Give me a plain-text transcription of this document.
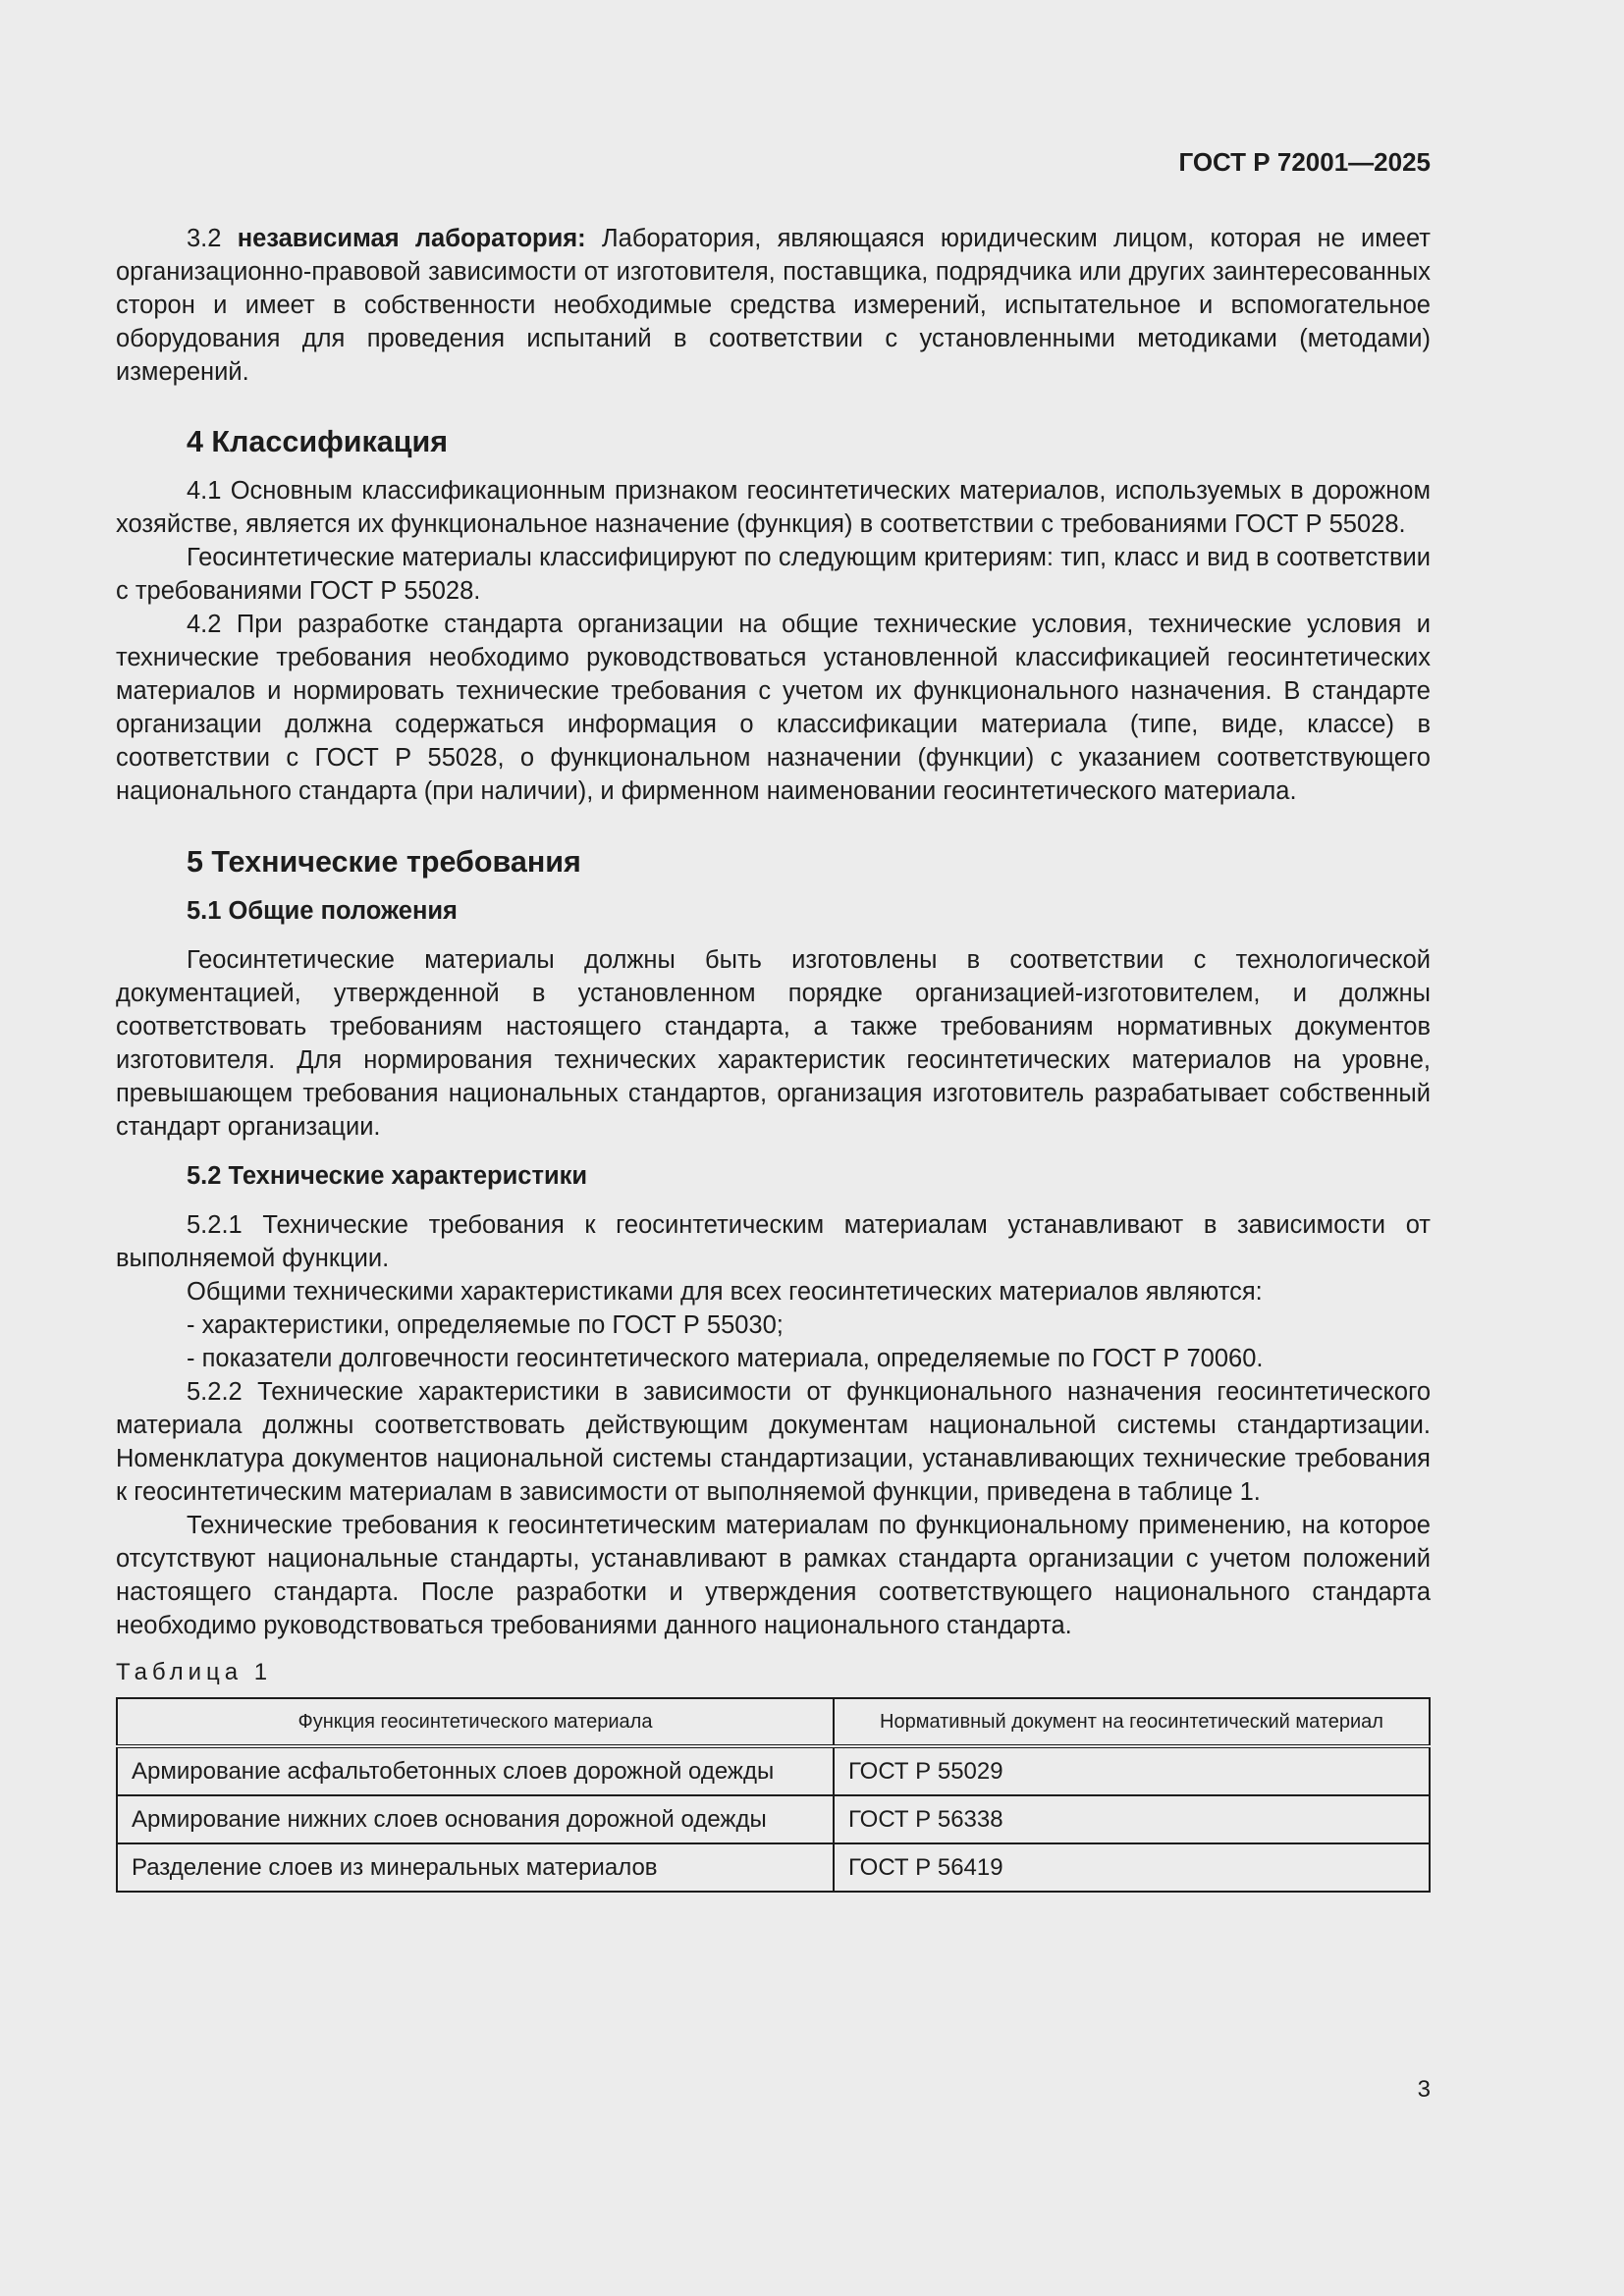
ГОСТ Р 72001—2025

3.2 независимая лаборатория: Лаборатория, являющаяся юридическим лицом, которая не имеет организационно-правовой зависимости от изготовителя, поставщика, подрядчика или других заинтересованных сторон и имеет в собственности необходимые средства измерений, испытательное и вспомогательное оборудования для проведения испытаний в соответствии с установленными методиками (методами) измерений.

4 Классификация

4.1 Основным классификационным признаком геосинтетических материалов, используемых в дорожном хозяйстве, является их функциональное назначение (функция) в соответствии с требованиями ГОСТ Р 55028.

Геосинтетические материалы классифицируют по следующим критериям: тип, класс и вид в соответствии с требованиями ГОСТ Р 55028.

4.2 При разработке стандарта организации на общие технические условия, технические условия и технические требования необходимо руководствоваться установленной классификацией геосинтетических материалов и нормировать технические требования с учетом их функционального назначения. В стандарте организации должна содержаться информация о классификации материала (типе, виде, классе) в соответствии с ГОСТ Р 55028, о функциональном назначении (функции) с указанием соответствующего национального стандарта (при наличии), и фирменном наименовании геосинтетического материала.

5 Технические требования
5.1 Общие положения

Геосинтетические материалы должны быть изготовлены в соответствии с технологической документацией, утвержденной в установленном порядке организацией-изготовителем, и должны соответствовать требованиям настоящего стандарта, а также требованиям нормативных документов изготовителя. Для нормирования технических характеристик геосинтетических материалов на уровне, превышающем требования национальных стандартов, организация изготовитель разрабатывает собственный стандарт организации.

5.2 Технические характеристики

5.2.1 Технические требования к геосинтетическим материалам устанавливают в зависимости от выполняемой функции.

Общими техническими характеристиками для всех геосинтетических материалов являются:

- характеристики, определяемые по ГОСТ Р 55030;

- показатели долговечности геосинтетического материала, определяемые по ГОСТ Р 70060.

5.2.2 Технические характеристики в зависимости от функционального назначения геосинтетического материала должны соответствовать действующим документам национальной системы стандартизации. Номенклатура документов национальной системы стандартизации, устанавливающих технические требования к геосинтетическим материалам в зависимости от выполняемой функции, приведена в таблице 1.

Технические требования к геосинтетическим материалам по функциональному применению, на которое отсутствуют национальные стандарты, устанавливают в рамках стандарта организации с учетом положений настоящего стандарта. После разработки и утверждения соответствующего национального стандарта необходимо руководствоваться требованиями данного национального стандарта.

Таблица 1

Функция геосинтетического материала	Нормативный документ на геосинтетический материал
Армирование асфальтобетонных слоев дорожной одежды	ГОСТ Р 55029
Армирование нижних слоев основания дорожной одежды	ГОСТ Р 56338
Разделение слоев из минеральных материалов	ГОСТ Р 56419
3
